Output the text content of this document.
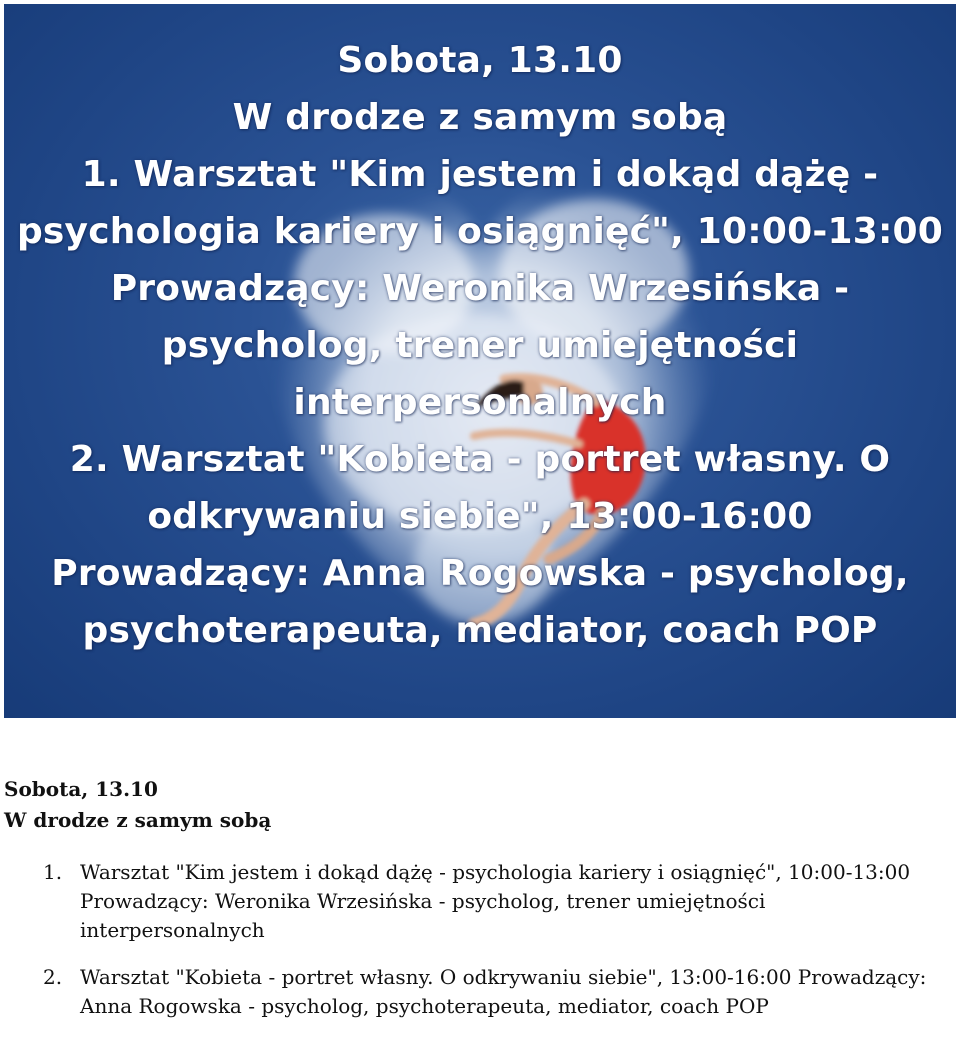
Sobota, 13.10
W drodze z samym sobą
1. Warsztat "Kim jestem i dokąd dążę -
psychologia kariery i osiągnięć", 10:00-13:00
Prowadzący: Weronika Wrzesińska -
psycholog, trener umiejętności
interpersonalnych
2. Warsztat "Kobieta - portret własny. O
odkrywaniu siebie", 13:00-16:00
Prowadzący: Anna Rogowska - psycholog,
psychoterapeuta, mediator, coach POP

Sobota, 13.10
W drodze z samym sobą

1. Warsztat "Kim jestem i dokąd dążę - psychologia kariery i osiągnięć", 10:00-13:00 Prowadzący: Weronika Wrzesińska - psycholog, trener umiejętności interpersonalnych
2. Warsztat "Kobieta - portret własny. O odkrywaniu siebie", 13:00-16:00 Prowadzący: Anna Rogowska - psycholog, psychoterapeuta, mediator, coach POP
